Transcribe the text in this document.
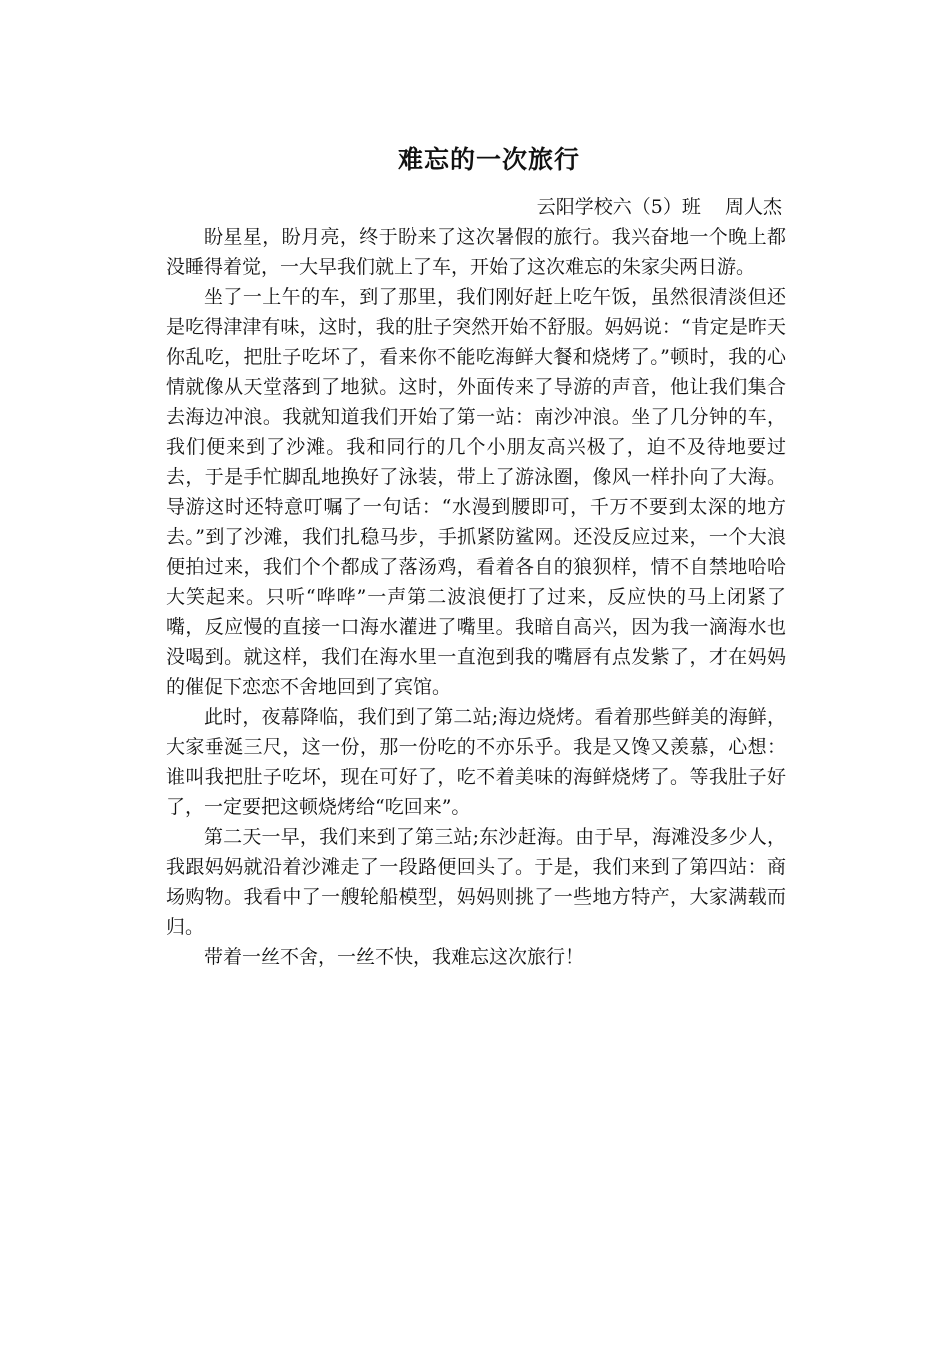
难忘的一次旅行

云阳学校六（5）班    周人杰

盼星星，盼月亮，终于盼来了这次暑假的旅行。我兴奋地一个晚上都没睡得着觉，一大早我们就上了车，开始了这次难忘的朱家尖两日游。

坐了一上午的车，到了那里，我们刚好赶上吃午饭，虽然很清淡但还是吃得津津有味，这时，我的肚子突然开始不舒服。妈妈说：“肯定是昨天你乱吃，把肚子吃坏了，看来你不能吃海鲜大餐和烧烤了。”顿时，我的心情就像从天堂落到了地狱。这时，外面传来了导游的声音，他让我们集合去海边冲浪。我就知道我们开始了第一站：南沙冲浪。坐了几分钟的车，我们便来到了沙滩。我和同行的几个小朋友高兴极了，迫不及待地要过去，于是手忙脚乱地换好了泳装，带上了游泳圈，像风一样扑向了大海。导游这时还特意叮嘱了一句话：“水漫到腰即可，千万不要到太深的地方去。”到了沙滩，我们扎稳马步，手抓紧防鲨网。还没反应过来，一个大浪便拍过来，我们个个都成了落汤鸡，看着各自的狼狈样，情不自禁地哈哈大笑起来。只听“哗哗”一声第二波浪便打了过来，反应快的马上闭紧了嘴，反应慢的直接一口海水灌进了嘴里。我暗自高兴，因为我一滴海水也没喝到。就这样，我们在海水里一直泡到我的嘴唇有点发紫了，才在妈妈的催促下恋恋不舍地回到了宾馆。

此时，夜幕降临，我们到了第二站;海边烧烤。看着那些鲜美的海鲜，大家垂涎三尺，这一份，那一份吃的不亦乐乎。我是又馋又羡慕，心想：谁叫我把肚子吃坏，现在可好了，吃不着美味的海鲜烧烤了。等我肚子好了，一定要把这顿烧烤给“吃回来”。

第二天一早，我们来到了第三站;东沙赶海。由于早，海滩没多少人，我跟妈妈就沿着沙滩走了一段路便回头了。于是，我们来到了第四站：商场购物。我看中了一艘轮船模型，妈妈则挑了一些地方特产，大家满载而归。

带着一丝不舍，一丝不快，我难忘这次旅行！
